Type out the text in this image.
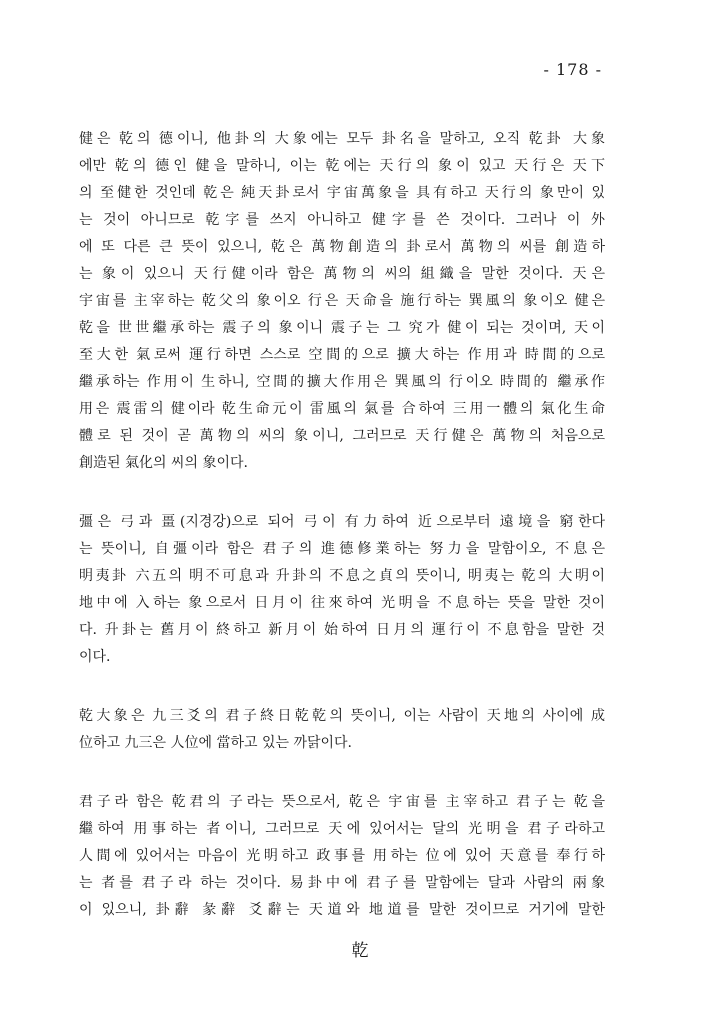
- 178 -
健은 乾의 德이니, 他卦의 大象에는 모두 卦名을 말하고, 오직 乾卦 大象
에만 乾의 德인 健을 말하니, 이는 乾에는 天行의 象이 있고 天行은 天下
의 至健한 것인데 乾은 純天卦로서 宇宙萬象을 具有하고 天行의 象만이 있
는 것이 아니므로 乾字를 쓰지 아니하고 健字를 쓴 것이다. 그러나 이 外
에 또 다른 큰 뜻이 있으니, 乾은 萬物創造의 卦로서 萬物의 씨를 創造하
는 象이 있으니 天行健이라 함은 萬物의 씨의 組織을 말한 것이다. 天은
宇宙를 主宰하는 乾父의 象이오 行은 天命을 施行하는 巽風의 象이오 健은
乾을 世世繼承하는 震子의 象이니 震子는 그 究가 健이 되는 것이며, 天이
至大한 氣로써 運行하면 스스로 空間的으로 擴大하는 作用과 時間的으로
繼承하는 作用이 生하니, 空間的擴大作用은 巽風의 行이오 時間的 繼承作
用은 震雷의 健이라 乾生命元이 雷風의 氣를 合하여 三用一體의 氣化生命
體로 된 것이 곧 萬物의 씨의 象이니, 그러므로 天行健은 萬物의 처음으로
創造된 氣化의 씨의 象이다.
彊은 弓과 畺(지경강)으로 되어 弓이 有力하여 近으로부터 遠境을 窮한다
는 뜻이니, 自彊이라 함은 君子의 進德修業하는 努力을 말함이오, 不息은
明夷卦 六五의 明不可息과 升卦의 不息之貞의 뜻이니, 明夷는 乾의 大明이
地中에 入하는 象으로서 日月이 往來하여 光明을 不息하는 뜻을 말한 것이
다. 升卦는 舊月이 終하고 新月이 始하여 日月의 運行이 不息함을 말한 것
이다.
乾大象은 九三爻의 君子終日乾乾의 뜻이니, 이는 사람이 天地의 사이에 成
位하고 九三은 人位에 當하고 있는 까닭이다.
君子라 함은 乾君의 子라는 뜻으로서, 乾은 宇宙를 主宰하고 君子는 乾을
繼하여 用事하는 者이니, 그러므로 天에 있어서는 달의 光明을 君子라하고
人間에 있어서는 마음이 光明하고 政事를 用하는 位에 있어 天意를 奉行하
는 者를 君子라 하는 것이다. 易卦中에 君子를 말함에는 달과 사람의 兩象
이 있으니, 卦辭 彖辭 爻辭는 天道와 地道를 말한 것이므로 거기에 말한
乾
